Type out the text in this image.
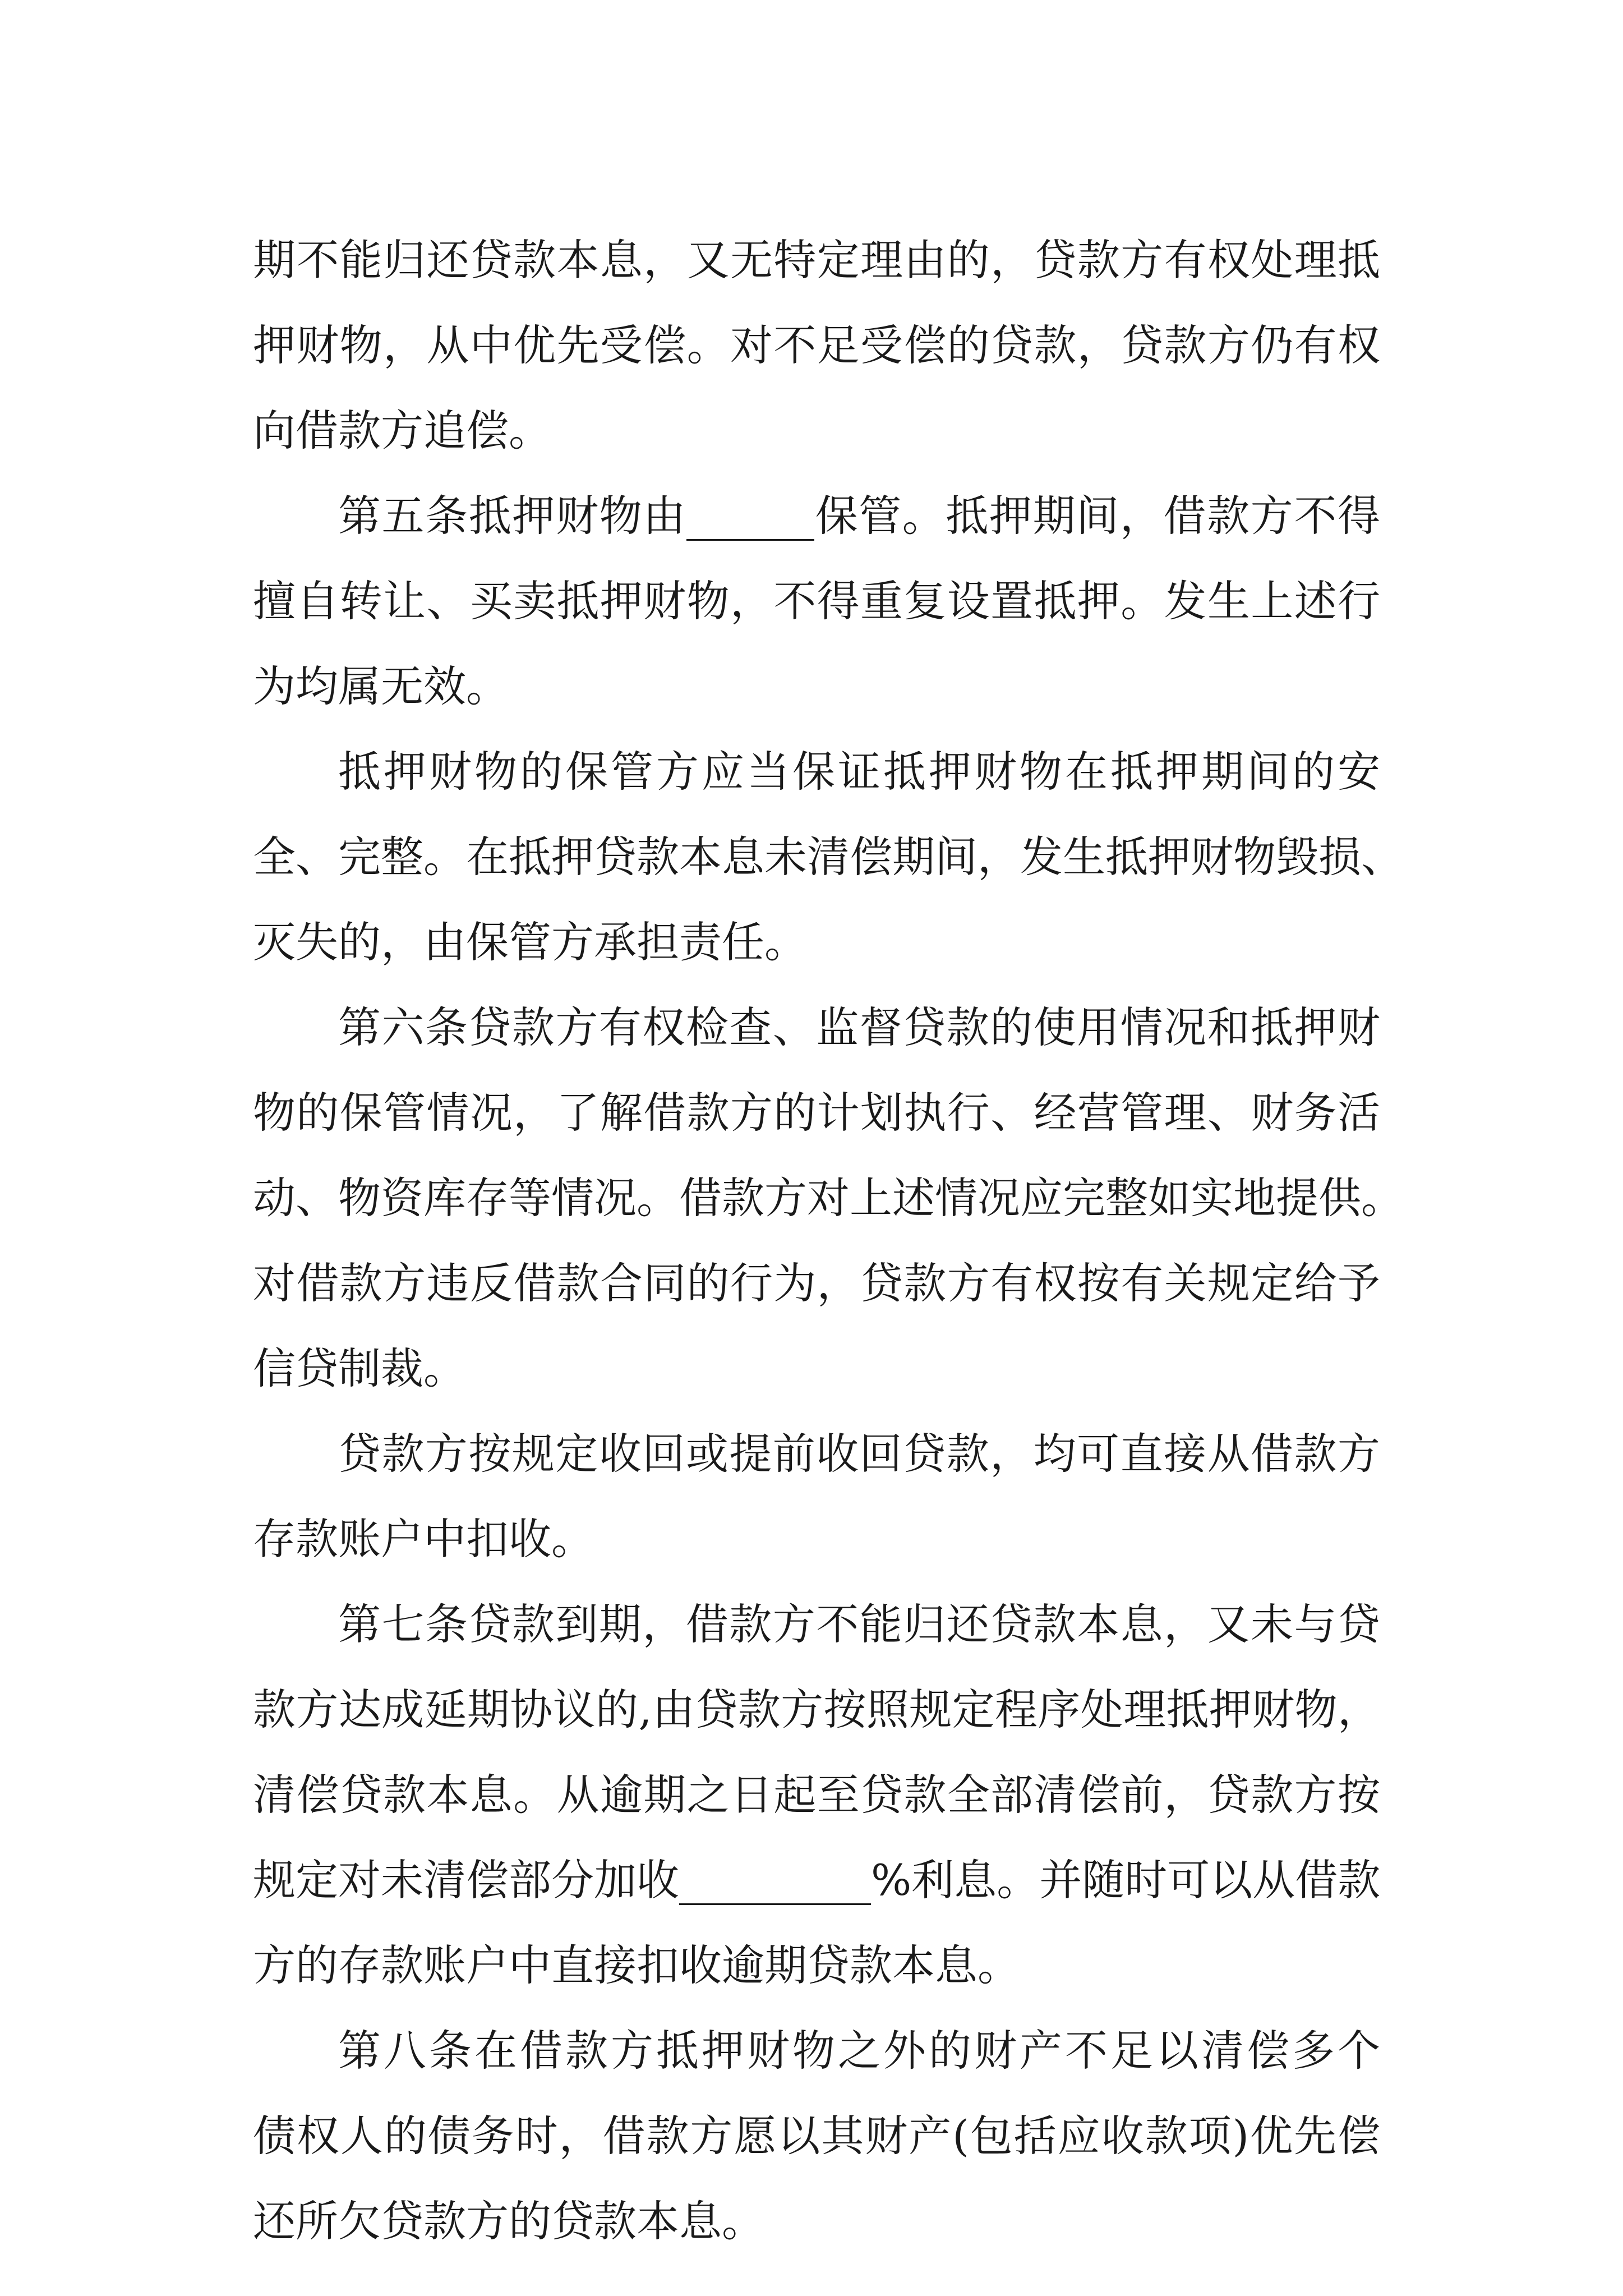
期不能归还贷款本息，又无特定理由的，贷款方有权处理抵
押财物，从中优先受偿。对不足受偿的贷款，贷款方仍有权
向借款方追偿。
第五条抵押财物由______保管。抵押期间，借款方不得
擅自转让、买卖抵押财物，不得重复设置抵押。发生上述行
为均属无效。
抵押财物的保管方应当保证抵押财物在抵押期间的安
全、完整。在抵押贷款本息未清偿期间，发生抵押财物毁损、
灭失的，由保管方承担责任。
第六条贷款方有权检查、监督贷款的使用情况和抵押财
物的保管情况，了解借款方的计划执行、经营管理、财务活
动、物资库存等情况。借款方对上述情况应完整如实地提供。
对借款方违反借款合同的行为，贷款方有权按有关规定给予
信贷制裁。
贷款方按规定收回或提前收回贷款，均可直接从借款方
存款账户中扣收。
第七条贷款到期，借款方不能归还贷款本息，又未与贷
款方达成延期协议的,由贷款方按照规定程序处理抵押财物，
清偿贷款本息。从逾期之日起至贷款全部清偿前，贷款方按
规定对未清偿部分加收_________%利息。并随时可以从借款
方的存款账户中直接扣收逾期贷款本息。
第八条在借款方抵押财物之外的财产不足以清偿多个
债权人的债务时，借款方愿以其财产(包括应收款项)优先偿
还所欠贷款方的贷款本息。
